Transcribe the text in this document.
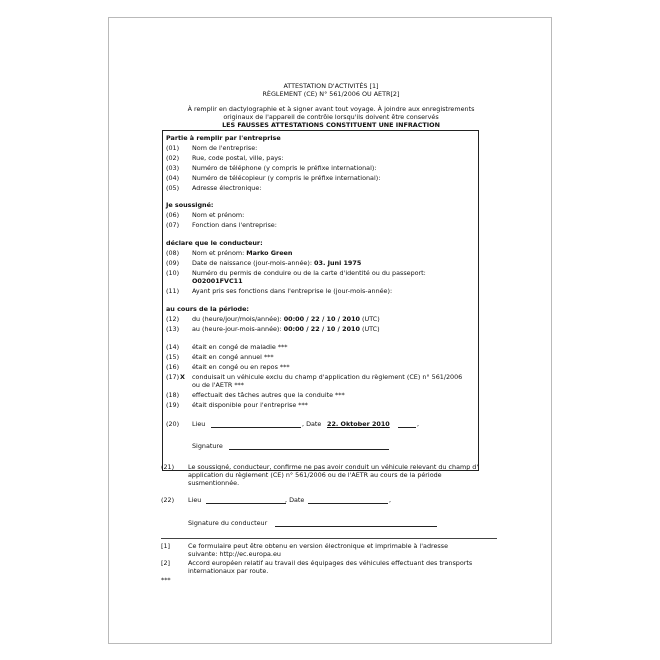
ATTESTATION D'ACTIVITÉS [1]
RÈGLEMENT (CE) N° 561/2006 OU AETR[2]
À remplir en dactylographie et à signer avant tout voyage. À joindre aux enregistrements
originaux de l'appareil de contrôle lorsqu'ils doivent être conservés
LES FAUSSES ATTESTATIONS CONSTITUENT UNE INFRACTION
Partie à remplir par l'entreprise
(01) Nom de l'entreprise:
(02) Rue, code postal, ville, pays:
(03) Numéro de téléphone (y compris le préfixe international):
(04) Numéro de télécopieur (y compris le préfixe international):
(05) Adresse électronique:
Je soussigné:
(06) Nom et prénom:
(07) Fonction dans l'entreprise:
déclare que le conducteur:
(08) Nom et prénom: Marko Green
(09) Date de naissance (jour-mois-année): 03. Juni 1975
(10) Numéro du permis de conduire ou de la carte d'identité ou du passeport:
O02001FVC11
(11) Ayant pris ses fonctions dans l'entreprise le (jour-mois-année):
au cours de la période:
(12) du (heure/jour/mois/année): 00:00 / 22 / 10 / 2010 (UTC)
(13) au (heure-jour-mois-année): 00:00 / 22 / 10 / 2010 (UTC)
(14) était en congé de maladie ***
(15) était en congé annuel ***
(16) était en congé ou en repos ***
(17) X conduisait un véhicule exclu du champ d'application du règlement (CE) n° 561/2006
ou de l'AETR ***
(18) effectuait des tâches autres que la conduite ***
(19) était disponible pour l'entreprise ***
(20) Lieu	, Date 22. Oktober 2010	,
Signature
(21) Le soussigné, conducteur, confirme ne pas avoir conduit un véhicule relevant du champ d'
application du règlement (CE) n° 561/2006 ou de l'AETR au cours de la période
susmentionnée.
(22) Lieu	, Date	,
Signature du conducteur
[1]	Ce formulaire peut être obtenu en version électronique et imprimable à l'adresse
suivante: http://ec.europa.eu
[2]	Accord européen relatif au travail des équipages des véhicules effectuant des transports
internationaux par route.
***
